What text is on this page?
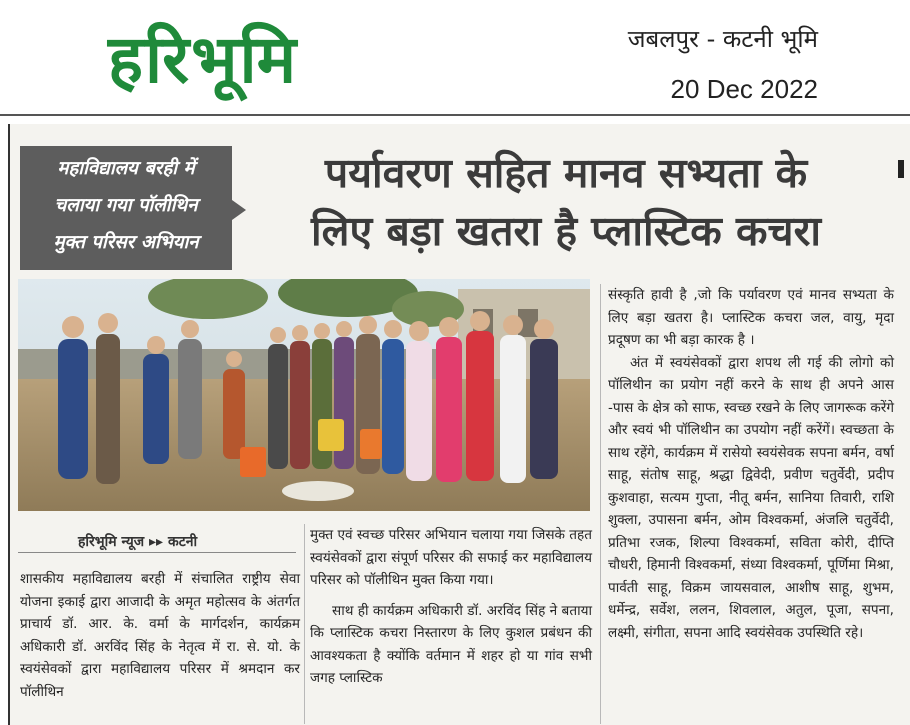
हरिभूमि	जबलपुर - कटनी भूमि
20 Dec 2022
महाविद्यालय बरही में
चलाया गया पॉलीथिन
मुक्त परिसर अभियान
पर्यावरण सहित मानव सभ्यता के
लिए बड़ा खतरा है प्लास्टिक कचरा
हरिभूमि न्यूज ▸▸ कटनी

शासकीय महाविद्यालय बरही में संचालित राष्ट्रीय सेवा योजना इकाई द्वारा आजादी के अमृत महोत्सव के अंतर्गत प्राचार्य डॉ. आर. के. वर्मा के मार्गदर्शन, कार्यक्रम अधिकारी डॉ. अरविंद सिंह के नेतृत्व में रा. से. यो. के स्वयंसेवकों द्वारा महाविद्यालय परिसर में श्रमदान कर पॉलीथिन

मुक्त एवं स्वच्छ परिसर अभियान चलाया गया जिसके तहत स्वयंसेवकों द्वारा संपूर्ण परिसर की सफाई कर महाविद्यालय परिसर को पॉलीथिन मुक्त किया गया।

साथ ही कार्यक्रम अधिकारी डॉ. अरविंद सिंह ने बताया कि प्लास्टिक कचरा निस्तारण के लिए कुशल प्रबंधन की आवश्यकता है क्योंकि वर्तमान में शहर हो या गांव सभी जगह प्लास्टिक

संस्कृति हावी है ,जो कि पर्यावरण एवं मानव सभ्यता के लिए बड़ा खतरा है। प्लास्टिक कचरा जल, वायु, मृदा प्रदूषण का भी बड़ा कारक है ।

अंत में स्वयंसेवकों द्वारा शपथ ली गई की लोगो को पॉलिथीन का प्रयोग नहीं करने के साथ ही अपने आस -पास के क्षेत्र को साफ, स्वच्छ रखने के लिए जागरूक करेंगे और स्वयं भी पॉलिथीन का उपयोग नहीं करेंगें। स्वच्छता के साथ रहेंगे, कार्यक्रम में रासेयो स्वयंसेवक सपना बर्मन, वर्षा साहू, संतोष साहू, श्रद्धा द्विवेदी, प्रवीण चतुर्वेदी, प्रदीप कुशवाहा, सत्यम गुप्ता, नीतू बर्मन, सानिया तिवारी, राशि शुक्ला, उपासना बर्मन, ओम विश्वकर्मा, अंजलि चतुर्वेदी, प्रतिभा रजक, शिल्पा विश्वकर्मा, सविता कोरी, दीप्ति चौधरी, हिमानी विश्वकर्मा, संध्या विश्वकर्मा, पूर्णिमा मिश्रा, पार्वती साहू, विक्रम जायसवाल, आशीष साहू, शुभम, धर्मेन्द्र, सर्वेश, ललन, शिवलाल, अतुल, पूजा, सपना, लक्ष्मी, संगीता, सपना आदि स्वयंसेवक उपस्थिति रहे।
